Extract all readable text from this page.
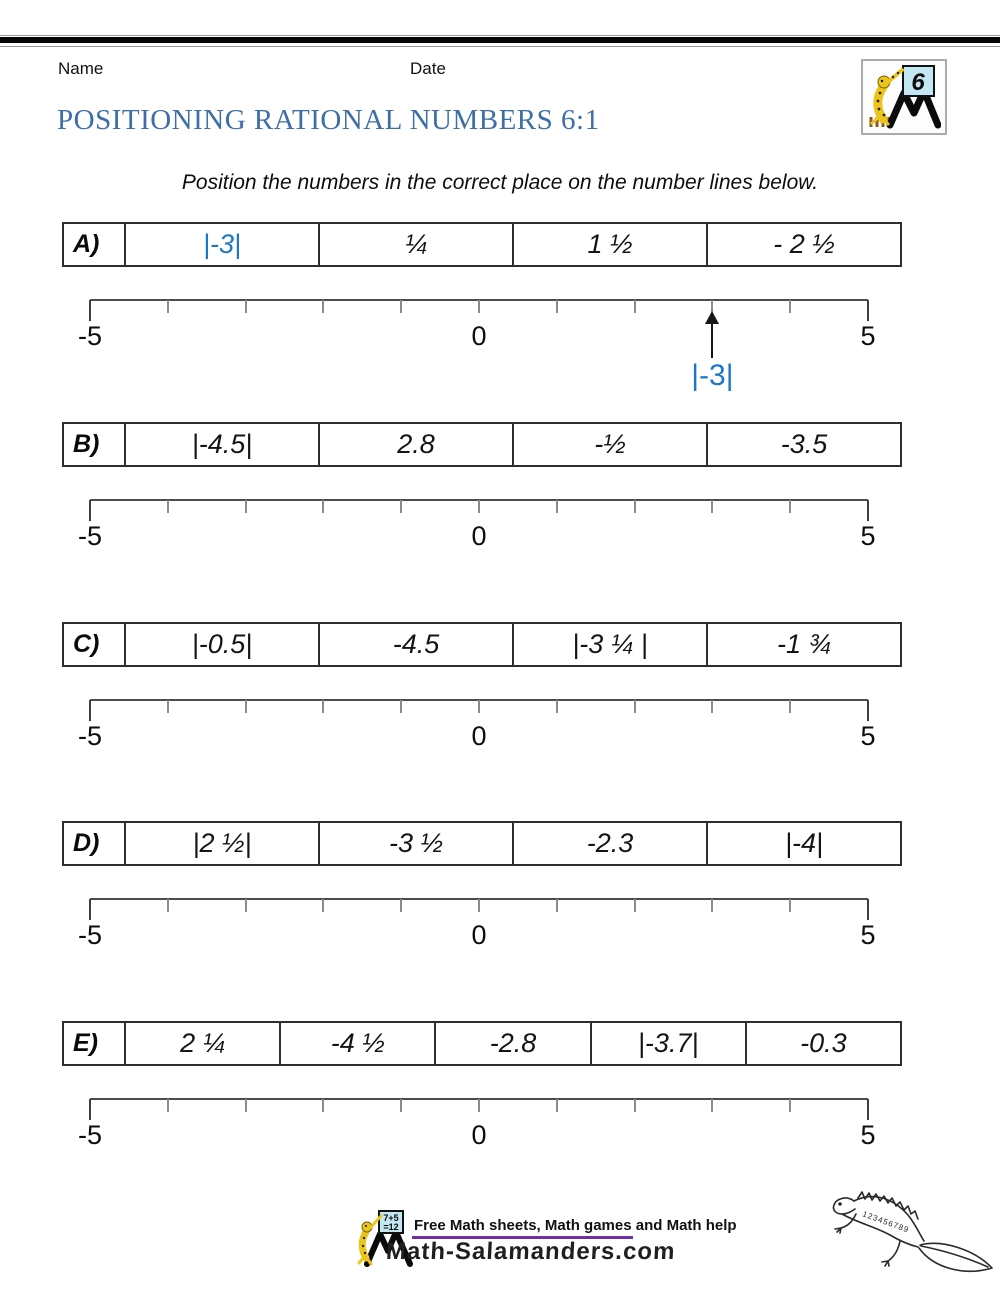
Name	Date
6
POSITIONING RATIONAL NUMBERS 6:1
Position the numbers in the correct place on the number lines below.
A)	|-3|	¼	1 ½	- 2 ½
-5	0	5
|-3|
B)	|-4.5|	2.8	-½	-3.5
-5	0	5
C)	|-0.5|	-4.5	|-3 ¼ |	-1 ¾
-5	0	5
D)	|2 ½|	-3 ½	-2.3	|-4|
-5	0	5
E)	2 ¼	-4 ½	-2.8	|-3.7|	-0.3
-5	0	5
7+5
=12 Free Math sheets, Math games and Math help
Math-Salamanders.com
123456789
